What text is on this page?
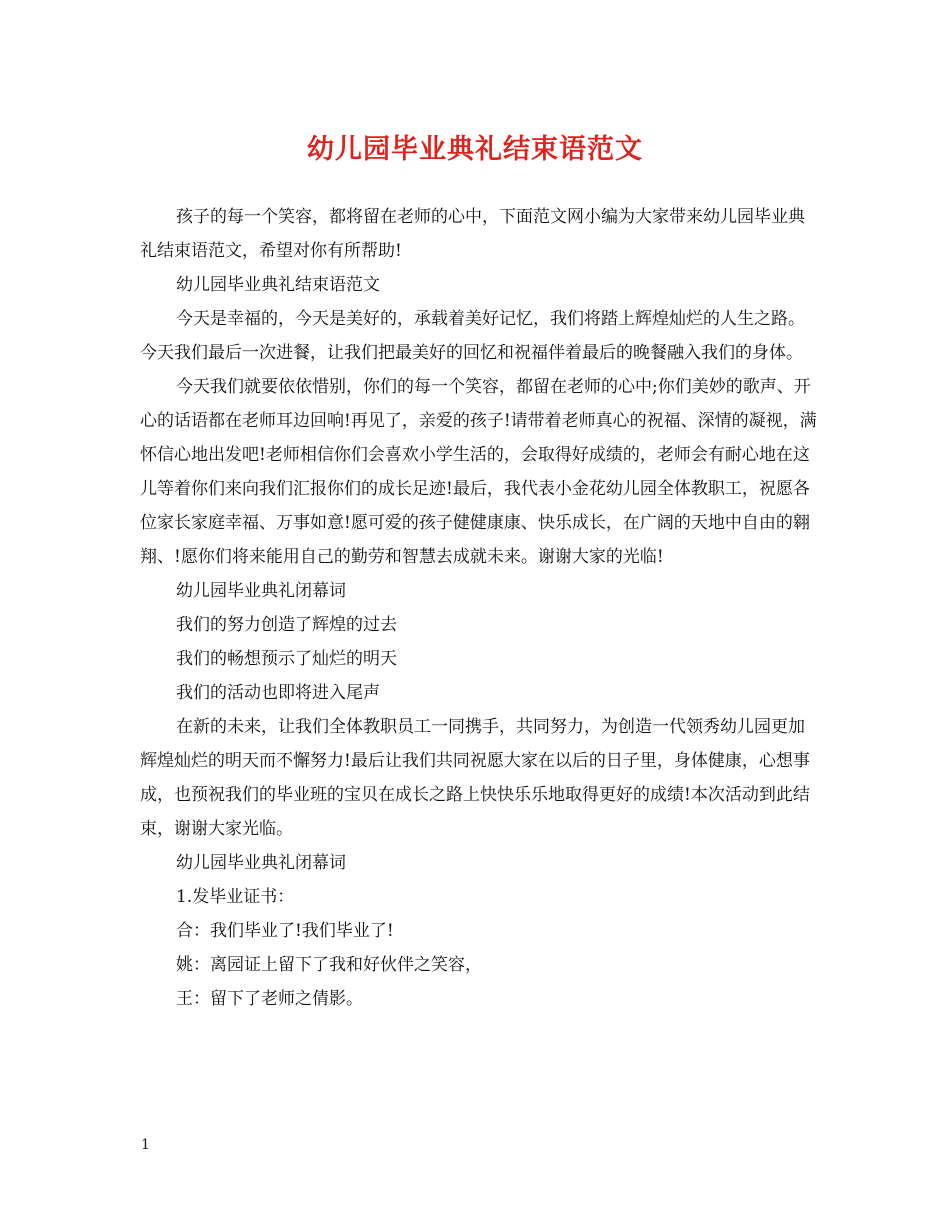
幼儿园毕业典礼结束语范文

孩子的每一个笑容，都将留在老师的心中，下面范文网小编为大家带来幼儿园毕业典礼结束语范文，希望对你有所帮助!

幼儿园毕业典礼结束语范文

今天是幸福的，今天是美好的，承载着美好记忆，我们将踏上辉煌灿烂的人生之路。今天我们最后一次进餐，让我们把最美好的回忆和祝福伴着最后的晚餐融入我们的身体。

今天我们就要依依惜别，你们的每一个笑容，都留在老师的心中;你们美妙的歌声、开心的话语都在老师耳边回响!再见了，亲爱的孩子!请带着老师真心的祝福、深情的凝视，满怀信心地出发吧!老师相信你们会喜欢小学生活的，会取得好成绩的，老师会有耐心地在这儿等着你们来向我们汇报你们的成长足迹!最后，我代表小金花幼儿园全体教职工，祝愿各位家长家庭幸福、万事如意!愿可爱的孩子健健康康、快乐成长，在广阔的天地中自由的翱翔、!愿你们将来能用自己的勤劳和智慧去成就未来。谢谢大家的光临!

幼儿园毕业典礼闭幕词

我们的努力创造了辉煌的过去

我们的畅想预示了灿烂的明天

我们的活动也即将进入尾声

在新的未来，让我们全体教职员工一同携手，共同努力，为创造一代领秀幼儿园更加辉煌灿烂的明天而不懈努力!最后让我们共同祝愿大家在以后的日子里，身体健康，心想事成，也预祝我们的毕业班的宝贝在成长之路上快快乐乐地取得更好的成绩!本次活动到此结束，谢谢大家光临。

幼儿园毕业典礼闭幕词

1.发毕业证书：

合：我们毕业了!我们毕业了!

姚：离园证上留下了我和好伙伴之笑容，

王：留下了老师之倩影。

1
